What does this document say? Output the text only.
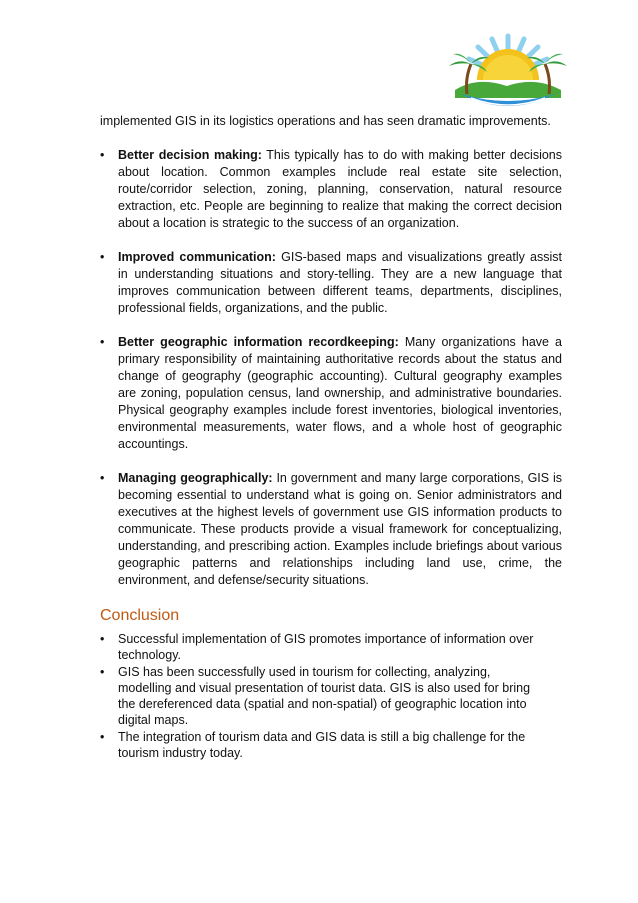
implemented GIS in its logistics operations and has seen dramatic improvements.

•	Better decision making: This typically has to do with making better decisions about location. Common examples include real estate site selection, route/corridor selection, zoning, planning, conservation, natural resource extraction, etc. People are beginning to realize that making the correct decision about a location is strategic to the success of an organization.
•	Improved communication: GIS-based maps and visualizations greatly assist in understanding situations and story-telling. They are a new language that improves communication between different teams, departments, disciplines, professional fields, organizations, and the public.
•	Better geographic information recordkeeping: Many organizations have a primary responsibility of maintaining authoritative records about the status and change of geography (geographic accounting). Cultural geography examples are zoning, population census, land ownership, and administrative boundaries. Physical geography examples include forest inventories, biological inventories, environmental measurements, water flows, and a whole host of geographic accountings.
•	Managing geographically: In government and many large corporations, GIS is becoming essential to understand what is going on. Senior administrators and executives at the highest levels of government use GIS information products to communicate. These products provide a visual framework for conceptualizing, understanding, and prescribing action. Examples include briefings about various geographic patterns and relationships including land use, crime, the environment, and defense/security situations.
Conclusion
• Successful implementation of GIS promotes importance of information over technology.
• GIS has been successfully used in tourism for collecting, analyzing, modelling and visual presentation of tourist data. GIS is also used for bring the dereferenced data (spatial and non-spatial) of geographic location into digital maps.
• The integration of tourism data and GIS data is still a big challenge for the tourism industry today.
